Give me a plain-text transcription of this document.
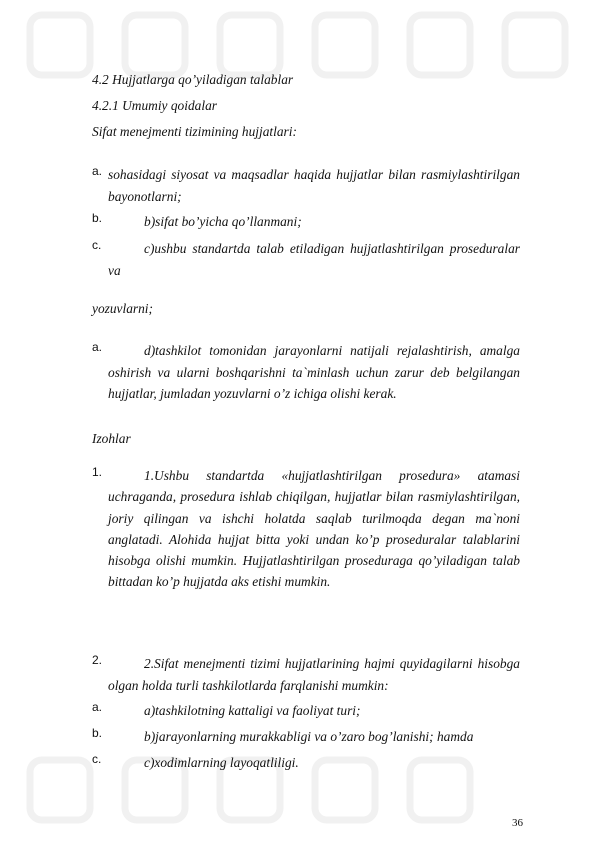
4.2 Hujjatlarga qo’yiladigan talablar

4.2.1 Umumiy qoidalar

Sifat menejmenti tizimining hujjatlari:

a. sohasidagi siyosat va maqsadlar haqida hujjatlar bilan rasmiylashtirilgan bayonotlarni;
b.	b)sifat bo’yicha qo’llanmani;
c.	c)ushbu standartda talab etiladigan hujjatlashtirilgan proseduralar va

yozuvlarni;

a.	d)tashkilot tomonidan jarayonlarni natijali rejalashtirish, amalga oshirish va ularni boshqarishni ta`minlash uchun zarur deb belgilangan hujjatlar, jumladan yozuvlarni o’z ichiga olishi kerak.

Izohlar

1.	1.Ushbu standartda «hujjatlashtirilgan prosedura» atamasi uchraganda, prosedura ishlab chiqilgan, hujjatlar bilan rasmiylashtirilgan, joriy qilingan va ishchi holatda saqlab turilmoqda degan ma`noni anglatadi. Alohida hujjat bitta yoki undan ko’p proseduralar talablarini hisobga olishi mumkin. Hujjatlashtirilgan proseduraga qo’yiladigan talab bittadan ko’p hujjatda aks etishi mumkin.
2.	2.Sifat menejmenti tizimi hujjatlarining hajmi quyidagilarni hisobga olgan holda turli tashkilotlarda farqlanishi mumkin:
a.	a)tashkilotning kattaligi va faoliyat turi;
b.	b)jarayonlarning murakkabligi va o’zaro bog’lanishi; hamda
c.	c)xodimlarning layoqatliligi.

36
